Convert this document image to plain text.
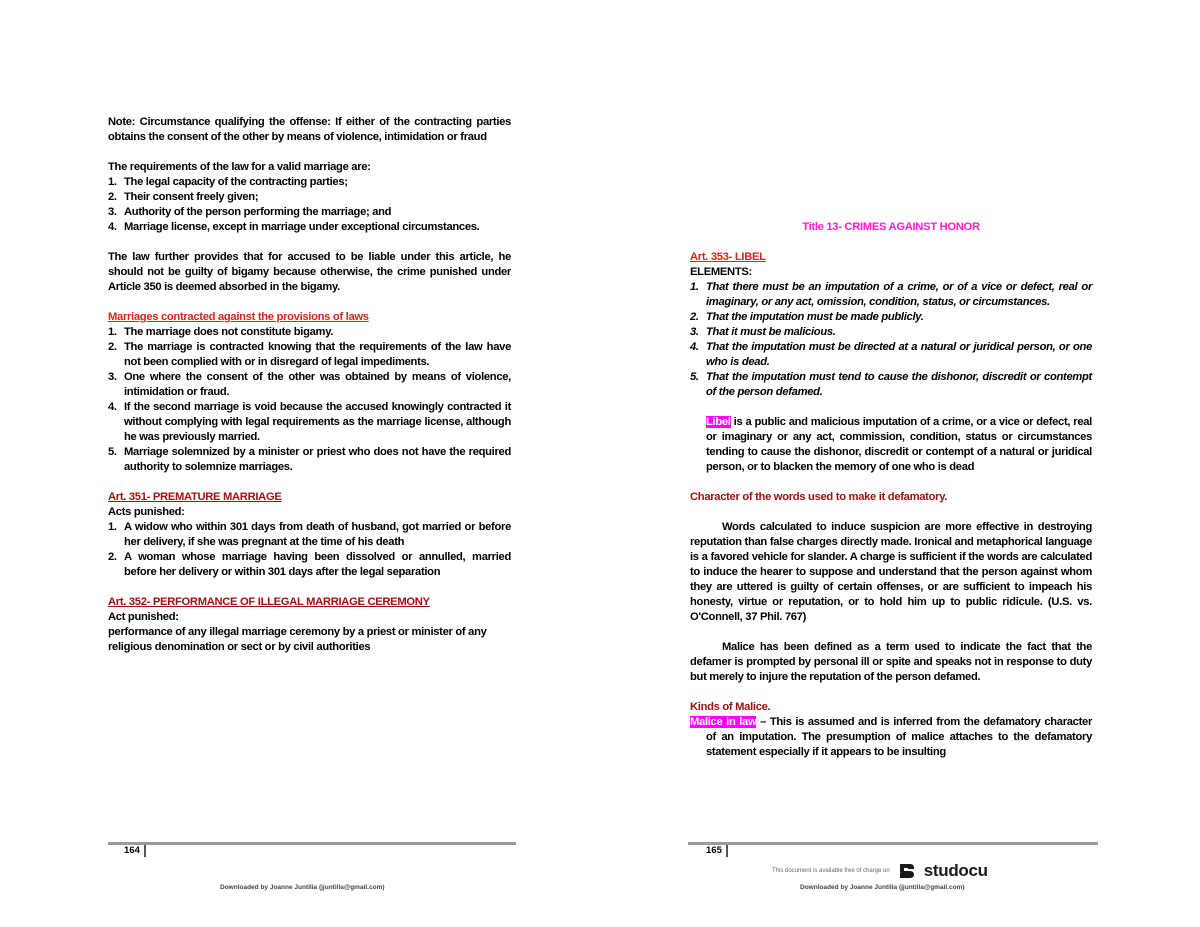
Note: Circumstance qualifying the offense: If either of the contracting parties obtains the consent of the other by means of violence, intimidation or fraud

The requirements of the law for a valid marriage are:

1. The legal capacity of the contracting parties;
2. Their consent freely given;
3. Authority of the person performing the marriage; and
4. Marriage license, except in marriage under exceptional circumstances.

The law further provides that for accused to be liable under this article, he should not be guilty of bigamy because otherwise, the crime punished under Article 350 is deemed absorbed in the bigamy.

Marriages contracted against the provisions of laws

1. The marriage does not constitute bigamy.
2. The marriage is contracted knowing that the requirements of the law have not been complied with or in disregard of legal impediments.
3. One where the consent of the other was obtained by means of violence, intimidation or fraud.
4. If the second marriage is void because the accused knowingly contracted it without complying with legal requirements as the marriage license, although he was previously married.
5. Marriage solemnized by a minister or priest who does not have the required authority to solemnize marriages.

Art. 351- PREMATURE MARRIAGE

Acts punished:

1. A widow who within 301 days from death of husband, got married or before her delivery, if she was pregnant at the time of his death
2. A woman whose marriage having been dissolved or annulled, married before her delivery or within 301 days after the legal separation

Art. 352- PERFORMANCE OF ILLEGAL MARRIAGE CEREMONY

Act punished:

performance of any illegal marriage ceremony by a priest or minister of any religious denomination or sect or by civil authorities

164
Downloaded by Joanne Juntilla (jjuntilla@gmail.com)

Title 13- CRIMES AGAINST HONOR

Art. 353- LIBEL

ELEMENTS:

1. That there must be an imputation of a crime, or of a vice or defect, real or imaginary, or any act, omission, condition, status, or circumstances.
2. That the imputation must be made publicly.
3. That it must be malicious.
4. That the imputation must be directed at a natural or juridical person, or one who is dead.
5. That the imputation must tend to cause the dishonor, discredit or contempt of the person defamed.

Libel is a public and malicious imputation of a crime, or a vice or defect, real or imaginary or any act, commission, condition, status or circumstances tending to cause the dishonor, discredit or contempt of a natural or juridical person, or to blacken the memory of one who is dead

Character of the words used to make it defamatory.

Words calculated to induce suspicion are more effective in destroying reputation than false charges directly made. Ironical and metaphorical language is a favored vehicle for slander. A charge is sufficient if the words are calculated to induce the hearer to suppose and understand that the person against whom they are uttered is guilty of certain offenses, or are sufficient to impeach his honesty, virtue or reputation, or to hold him up to public ridicule. (U.S. vs. O'Connell, 37 Phil. 767)

Malice has been defined as a term used to indicate the fact that the defamer is prompted by personal ill or spite and speaks not in response to duty but merely to injure the reputation of the person defamed.

Kinds of Malice.

Malice in law – This is assumed and is inferred from the defamatory character of an imputation. The presumption of malice attaches to the defamatory statement especially if it appears to be insulting

165
This document is available free of charge on studocu
Downloaded by Joanne Juntilla (jjuntilla@gmail.com)
